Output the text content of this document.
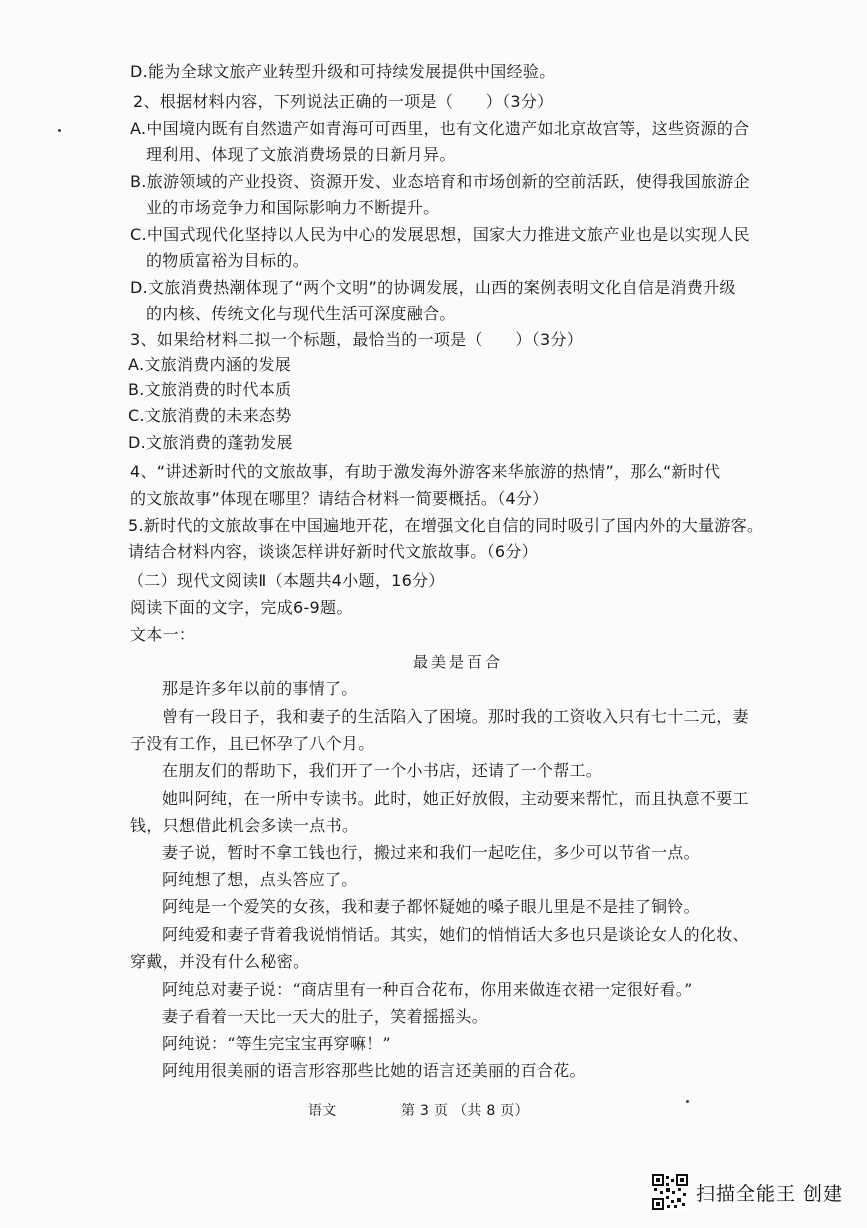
D.能为全球文旅产业转型升级和可持续发展提供中国经验。
2、根据材料内容，下列说法正确的一项是（　　）（3分）
A.中国境内既有自然遗产如青海可可西里，也有文化遗产如北京故宫等，这些资源的合
理利用、体现了文旅消费场景的日新月异。
B.旅游领域的产业投资、资源开发、业态培育和市场创新的空前活跃，使得我国旅游企
业的市场竞争力和国际影响力不断提升。
C.中国式现代化坚持以人民为中心的发展思想，国家大力推进文旅产业也是以实现人民
的物质富裕为目标的。
D.文旅消费热潮体现了“两个文明”的协调发展，山西的案例表明文化自信是消费升级
的内核、传统文化与现代生活可深度融合。
3、如果给材料二拟一个标题，最恰当的一项是（　　）（3分）
A.文旅消费内涵的发展
B.文旅消费的时代本质
C.文旅消费的未来态势
D.文旅消费的蓬勃发展
4、“讲述新时代的文旅故事，有助于激发海外游客来华旅游的热情”，那么“新时代
的文旅故事”体现在哪里？请结合材料一简要概括。（4分）
5.新时代的文旅故事在中国遍地开花，在增强文化自信的同时吸引了国内外的大量游客。
请结合材料内容，谈谈怎样讲好新时代文旅故事。（6分）
（二）现代文阅读Ⅱ（本题共4小题，16分）
阅读下面的文字，完成6-9题。
文本一：
最美是百合
那是许多年以前的事情了。
曾有一段日子，我和妻子的生活陷入了困境。那时我的工资收入只有七十二元，妻
子没有工作，且已怀孕了八个月。
在朋友们的帮助下，我们开了一个小书店，还请了一个帮工。
她叫阿纯，在一所中专读书。此时，她正好放假，主动要来帮忙，而且执意不要工
钱，只想借此机会多读一点书。
妻子说，暂时不拿工钱也行，搬过来和我们一起吃住，多少可以节省一点。
阿纯想了想，点头答应了。
阿纯是一个爱笑的女孩，我和妻子都怀疑她的嗓子眼儿里是不是挂了铜铃。
阿纯爱和妻子背着我说悄悄话。其实，她们的悄悄话大多也只是谈论女人的化妆、
穿戴，并没有什么秘密。
阿纯总对妻子说：“商店里有一种百合花布，你用来做连衣裙一定很好看。”
妻子看着一天比一天大的肚子，笑着摇摇头。
阿纯说：“等生完宝宝再穿嘛！”
阿纯用很美丽的语言形容那些比她的语言还美丽的百合花。
语文	第 3 页 （共 8 页）
扫描全能王 创建
